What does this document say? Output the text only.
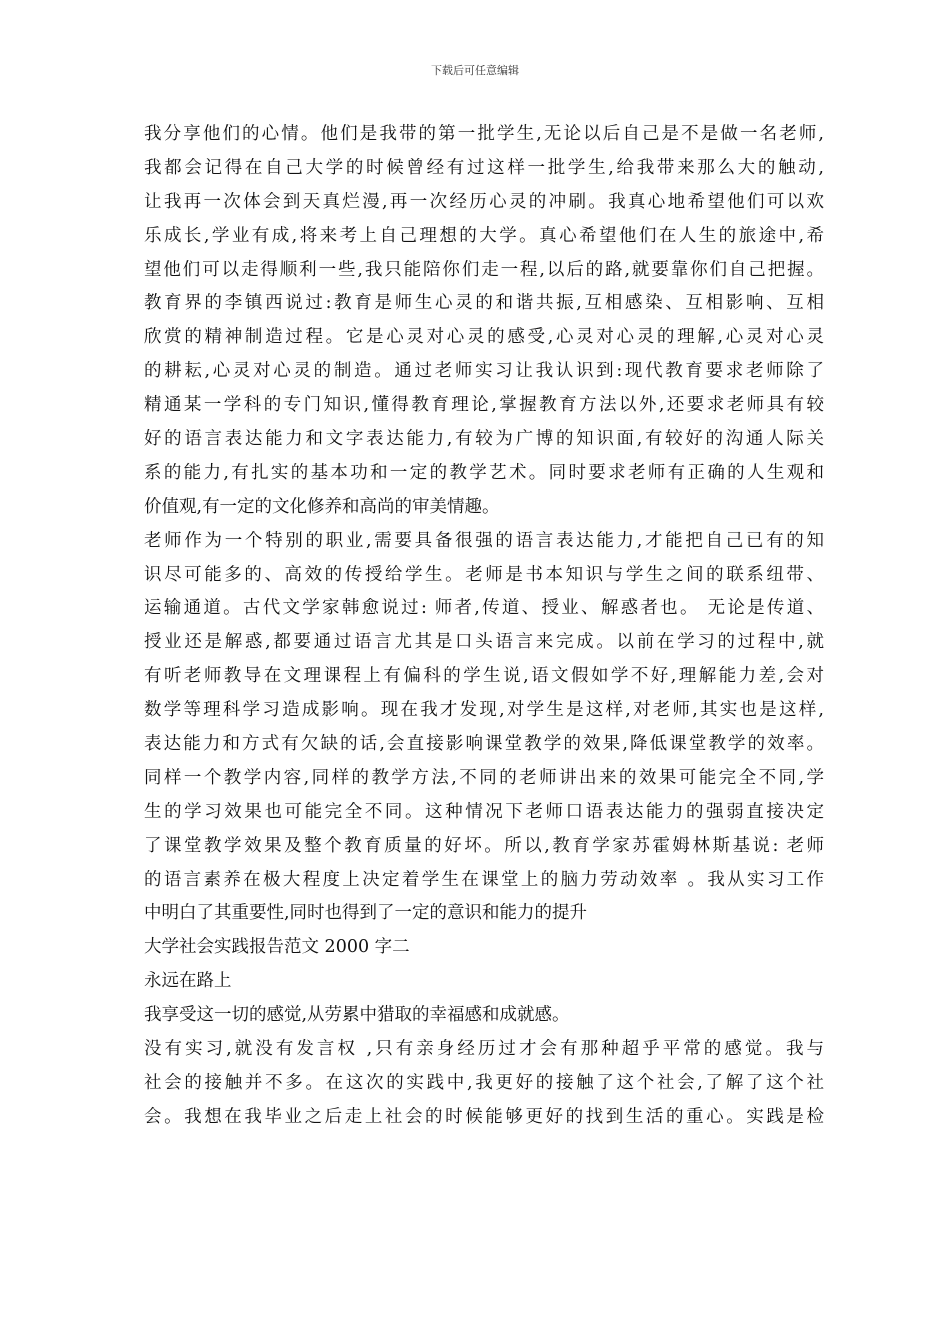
下载后可任意编辑
我分享他们的心情。他们是我带的第一批学生,无论以后自己是不是做一名老师,
我都会记得在自己大学的时候曾经有过这样一批学生,给我带来那么大的触动,
让我再一次体会到天真烂漫,再一次经历心灵的冲刷。我真心地希望他们可以欢
乐成长,学业有成,将来考上自己理想的大学。真心希望他们在人生的旅途中,希
望他们可以走得顺利一些,我只能陪你们走一程,以后的路,就要靠你们自己把握。
教育界的李镇西说过:教育是师生心灵的和谐共振,互相感染、互相影响、互相
欣赏的精神制造过程。它是心灵对心灵的感受,心灵对心灵的理解,心灵对心灵
的耕耘,心灵对心灵的制造。通过老师实习让我认识到:现代教育要求老师除了
精通某一学科的专门知识,懂得教育理论,掌握教育方法以外,还要求老师具有较
好的语言表达能力和文字表达能力,有较为广博的知识面,有较好的沟通人际关
系的能力,有扎实的基本功和一定的教学艺术。同时要求老师有正确的人生观和
价值观,有一定的文化修养和高尚的审美情趣。
老师作为一个特别的职业,需要具备很强的语言表达能力,才能把自己已有的知
识尽可能多的、高效的传授给学生。老师是书本知识与学生之间的联系纽带、
运输通道。古代文学家韩愈说过: 师者,传道、授业、解惑者也。 无论是传道、
授业还是解惑,都要通过语言尤其是口头语言来完成。以前在学习的过程中,就
有听老师教导在文理课程上有偏科的学生说,语文假如学不好,理解能力差,会对
数学等理科学习造成影响。现在我才发现,对学生是这样,对老师,其实也是这样,
表达能力和方式有欠缺的话,会直接影响课堂教学的效果,降低课堂教学的效率。
同样一个教学内容,同样的教学方法,不同的老师讲出来的效果可能完全不同,学
生的学习效果也可能完全不同。这种情况下老师口语表达能力的强弱直接决定
了课堂教学效果及整个教育质量的好坏。所以,教育学家苏霍姆林斯基说: 老师
的语言素养在极大程度上决定着学生在课堂上的脑力劳动效率 。我从实习工作
中明白了其重要性,同时也得到了一定的意识和能力的提升
大学社会实践报告范文 2000 字二
永远在路上
我享受这一切的感觉,从劳累中猎取的幸福感和成就感。
没有实习,就没有发言权 ,只有亲身经历过才会有那种超乎平常的感觉。我与
社会的接触并不多。在这次的实践中,我更好的接触了这个社会,了解了这个社
会。我想在我毕业之后走上社会的时候能够更好的找到生活的重心。实践是检
